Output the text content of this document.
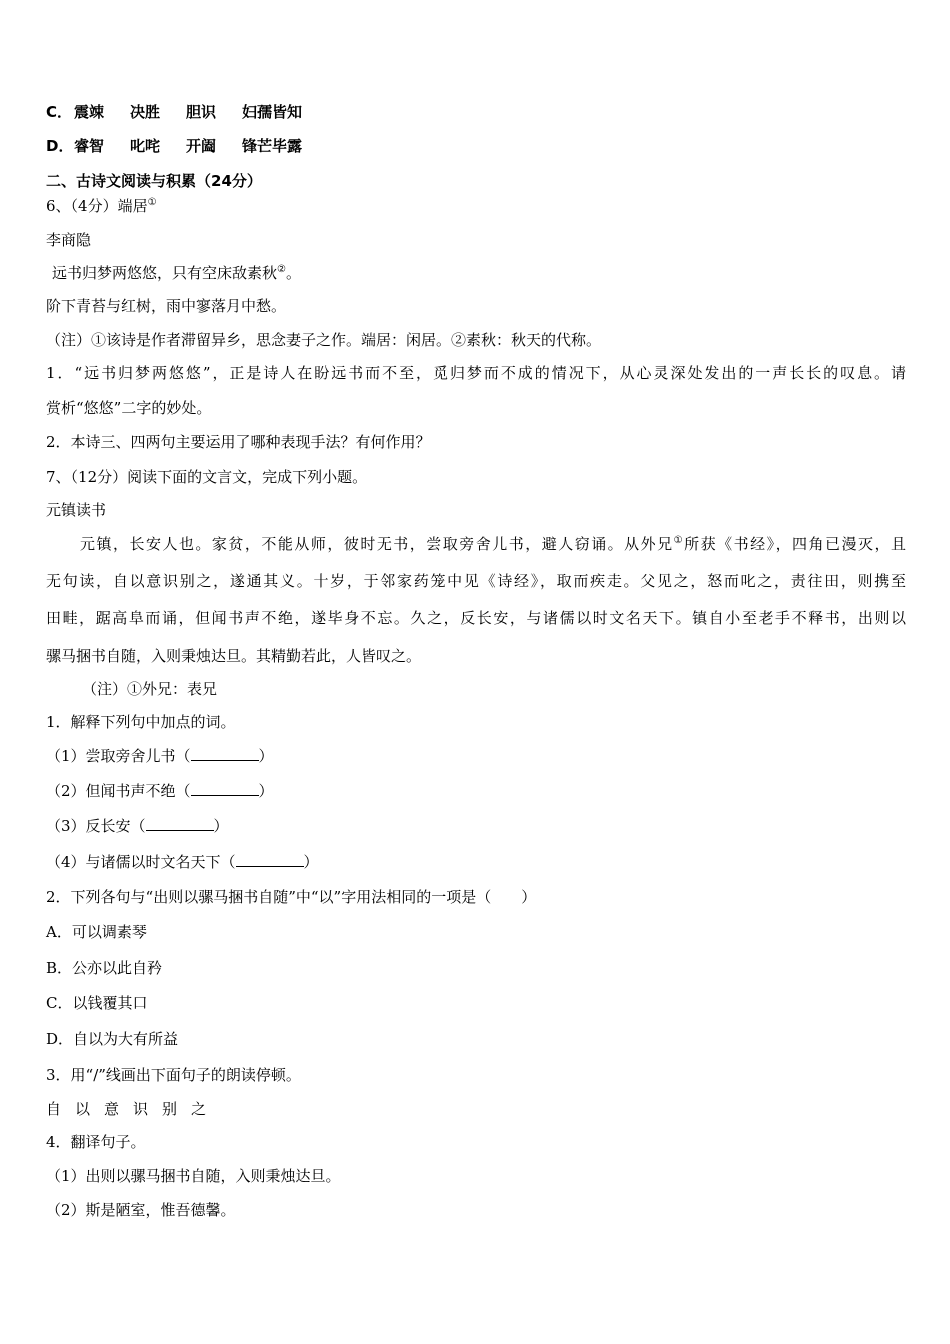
C． 震竦 决胜 胆识 妇孺皆知
D．睿智 叱咤 开阖 锋芒毕露
二、古诗文阅读与积累（24分）
6、（4分）端居①
李商隐
远书归梦两悠悠，只有空床敌素秋②。
阶下青苔与红树，雨中寥落月中愁。
（注）①该诗是作者滞留异乡，思念妻子之作。端居：闲居。②素秋：秋天的代称。
1．“远书归梦两悠悠”，正是诗人在盼远书而不至，觅归梦而不成的情况下，从心灵深处发出的一声长长的叹息。请
赏析“悠悠”二字的妙处。
2．本诗三、四两句主要运用了哪种表现手法？有何作用？
7、（12分）阅读下面的文言文，完成下列小题。
元镇读书
元镇，长安人也。家贫，不能从师，彼时无书，尝取旁舍儿书，避人窃诵。从外兄①所获《书经》，四角已漫灭，且
无句读，自以意识别之，遂通其义。十岁，于邻家药笼中见《诗经》，取而疾走。父见之，怒而叱之，责往田，则携至
田畦，踞高阜而诵，但闻书声不绝，遂毕身不忘。久之，反长安，与诸儒以时文名天下。镇自小至老手不释书，出则以
骡马捆书自随，入则秉烛达旦。其精勤若此，人皆叹之。
（注）①外兄：表兄
1．解释下列句中加点的词。
（1）尝取旁舍儿书（	）
（2）但闻书声不绝（	）
（3）反长安（	）
（4）与诸儒以时文名天下（	）
2．下列各句与“出则以骡马捆书自随”中“以”字用法相同的一项是（　　）
A．可以调素琴
B．公亦以此自矜
C．以钱覆其口
D．自以为大有所益
3．用“/”线画出下面句子的朗读停顿。
自以意识别之
4．翻译句子。
（1）出则以骡马捆书自随，入则秉烛达旦。
（2）斯是陋室，惟吾德馨。
